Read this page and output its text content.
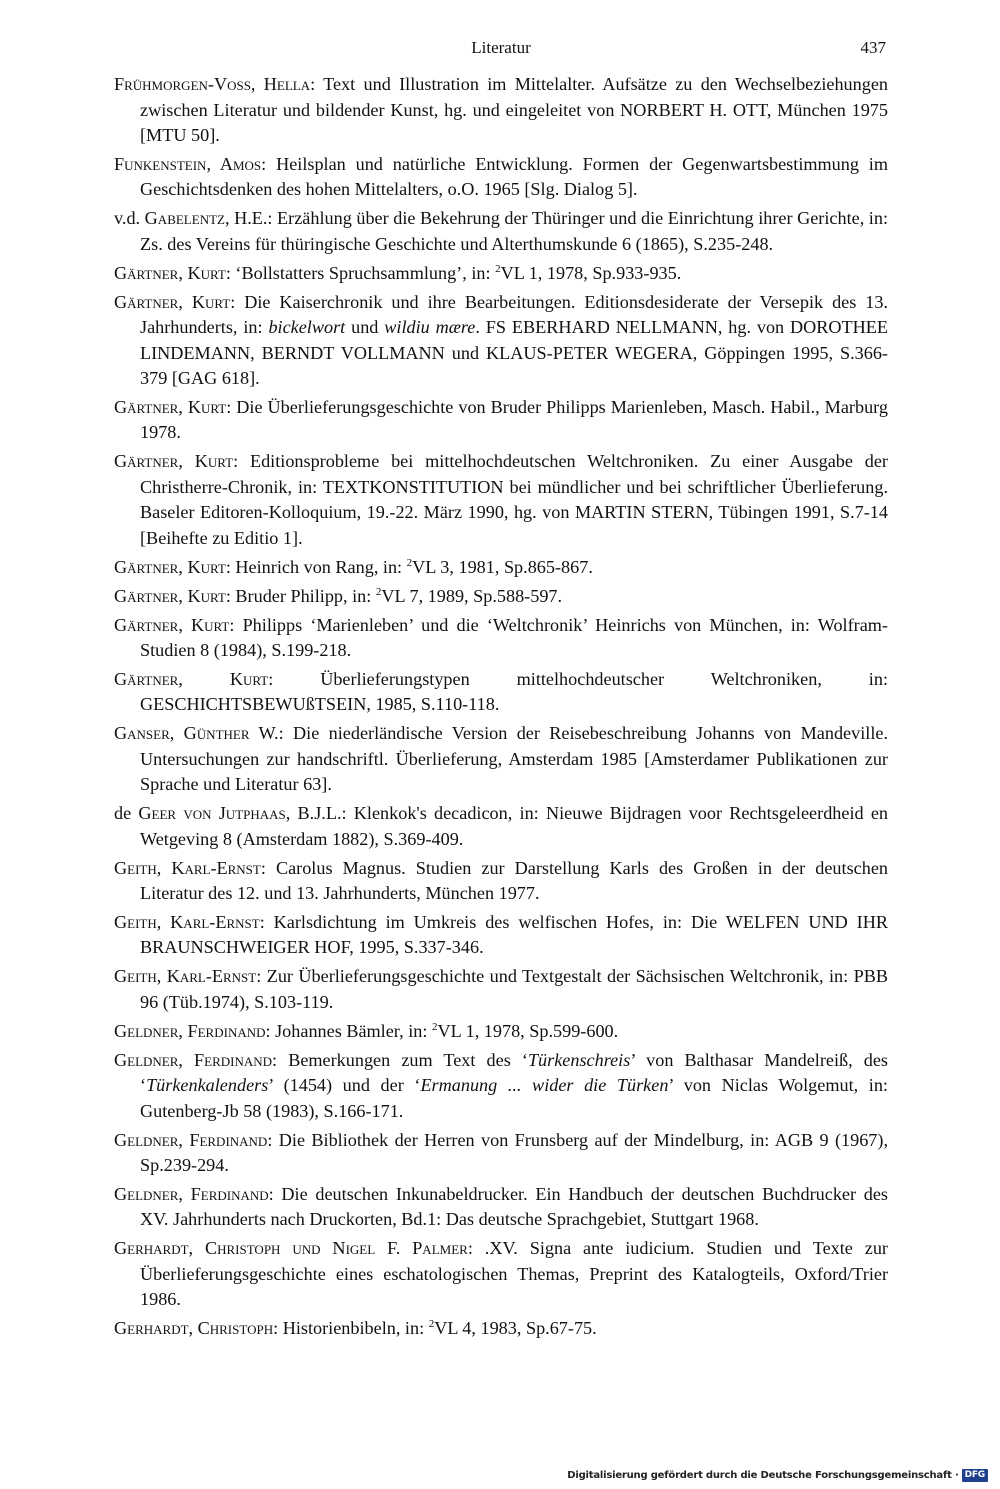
Literatur	437

Frühmorgen-Voss, Hella: Text und Illustration im Mittelalter. Aufsätze zu den Wechselbeziehungen zwischen Literatur und bildender Kunst, hg. und eingeleitet von NORBERT H. OTT, München 1975 [MTU 50].

Funkenstein, Amos: Heilsplan und natürliche Entwicklung. Formen der Gegenwartsbestimmung im Geschichtsdenken des hohen Mittelalters, o.O. 1965 [Slg. Dialog 5].

v.d. Gabelentz, H.E.: Erzählung über die Bekehrung der Thüringer und die Einrichtung ihrer Gerichte, in: Zs. des Vereins für thüringische Geschichte und Alterthumskunde 6 (1865), S.235-248.

Gärtner, Kurt: ‘Bollstatters Spruchsammlung’, in: $^2$VL 1, 1978, Sp.933-935.

Gärtner, Kurt: Die Kaiserchronik und ihre Bearbeitungen. Editionsdesiderate der Versepik des 13. Jahrhunderts, in: bickelwort und wildiu mære. FS EBERHARD NELLMANN, hg. von DOROTHEE LINDEMANN, BERNDT VOLLMANN und KLAUS-PETER WEGERA, Göppingen 1995, S.366-379 [GAG 618].

Gärtner, Kurt: Die Überlieferungsgeschichte von Bruder Philipps Marienleben, Masch. Habil., Marburg 1978.

Gärtner, Kurt: Editionsprobleme bei mittelhochdeutschen Weltchroniken. Zu einer Ausgabe der Christherre-Chronik, in: TEXTKONSTITUTION bei mündlicher und bei schriftlicher Überlieferung. Baseler Editoren-Kolloquium, 19.-22. März 1990, hg. von MARTIN STERN, Tübingen 1991, S.7-14 [Beihefte zu Editio 1].

Gärtner, Kurt: Heinrich von Rang, in: $^2$VL 3, 1981, Sp.865-867.

Gärtner, Kurt: Bruder Philipp, in: $^2$VL 7, 1989, Sp.588-597.

Gärtner, Kurt: Philipps ‘Marienleben’ und die ‘Weltchronik’ Heinrichs von München, in: Wolfram-Studien 8 (1984), S.199-218.

Gärtner, Kurt: Überlieferungstypen mittelhochdeutscher Weltchroniken, in: GESCHICHTSBEWUßTSEIN, 1985, S.110-118.

Ganser, Günther W.: Die niederländische Version der Reisebeschreibung Johanns von Mandeville. Untersuchungen zur handschriftl. Überlieferung, Amsterdam 1985 [Amsterdamer Publikationen zur Sprache und Literatur 63].

de Geer von Jutphaas, B.J.L.: Klenkok's decadicon, in: Nieuwe Bijdragen voor Rechtsgeleerdheid en Wetgeving 8 (Amsterdam 1882), S.369-409.

Geith, Karl-Ernst: Carolus Magnus. Studien zur Darstellung Karls des Großen in der deutschen Literatur des 12. und 13. Jahrhunderts, München 1977.

Geith, Karl-Ernst: Karlsdichtung im Umkreis des welfischen Hofes, in: Die WELFEN UND IHR BRAUNSCHWEIGER HOF, 1995, S.337-346.

Geith, Karl-Ernst: Zur Überlieferungsgeschichte und Textgestalt der Sächsischen Weltchronik, in: PBB 96 (Tüb.1974), S.103-119.

Geldner, Ferdinand: Johannes Bämler, in: $^2$VL 1, 1978, Sp.599-600.

Geldner, Ferdinand: Bemerkungen zum Text des ‘Türkenschreis’ von Balthasar Mandelreiß, des ‘Türkenkalenders’ (1454) und der ‘Ermanung ... wider die Türken’ von Niclas Wolgemut, in: Gutenberg-Jb 58 (1983), S.166-171.

Geldner, Ferdinand: Die Bibliothek der Herren von Frunsberg auf der Mindelburg, in: AGB 9 (1967), Sp.239-294.

Geldner, Ferdinand: Die deutschen Inkunabeldrucker. Ein Handbuch der deutschen Buchdrucker des XV. Jahrhunderts nach Druckorten, Bd.1: Das deutsche Sprachgebiet, Stuttgart 1968.

Gerhardt, Christoph und Nigel F. Palmer: .XV. Signa ante iudicium. Studien und Texte zur Überlieferungsgeschichte eines eschatologischen Themas, Preprint des Katalogteils, Oxford/Trier 1986.

Gerhardt, Christoph: Historienbibeln, in: $^2$VL 4, 1983, Sp.67-75.

Digitalisierung gefördert durch die Deutsche Forschungsgemeinschaft · DFG
